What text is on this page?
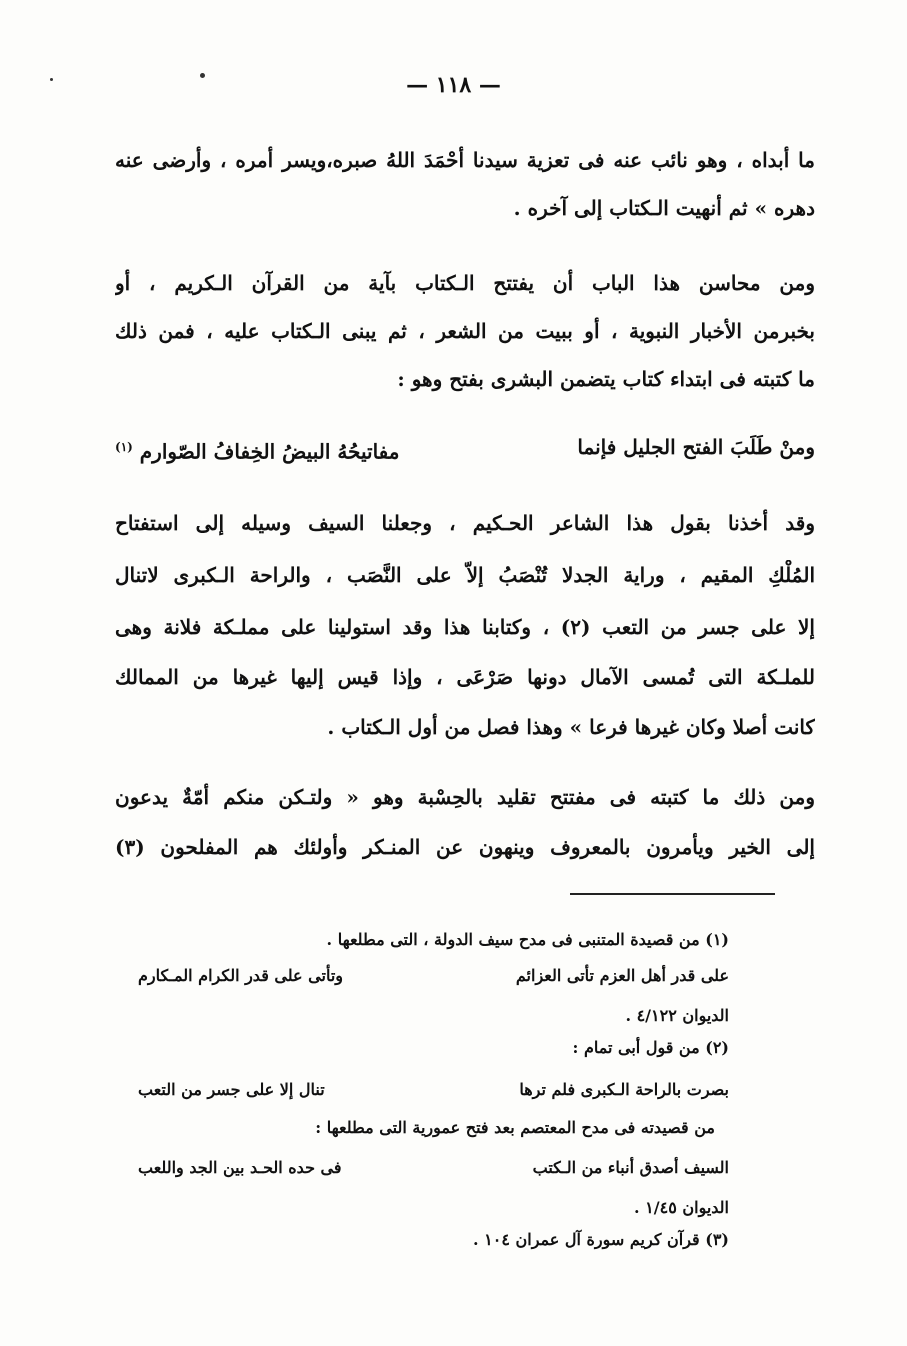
— ١١٨ —
ما أبداه ، وهو نائب عنه فى تعزية سيدنا أحْمَدَ اللهُ صبره،ويسر أمره ، وأرضى عنه
دهره » ثم أنهيت الـكتاب إلى آخره .
ومن محاسن هذا الباب أن يفتتح الـكتاب بآية من القرآن الـكريم ، أو
بخبرمن الأخبار النبوية ، أو ببيت من الشعر ، ثم يبنى الـكتاب عليه ، فمن ذلك
ما كتبته فى ابتداء كتاب يتضمن البشرى بفتح وهو :
ومنْ طَلَبَ الفتح الجليل فإنما
مفاتيحُهُ البيضُ الخِفافُ الصّوارم $^{(١)}$
وقد أخذنا بقول هذا الشاعر الحـكيم ، وجعلنا السيف وسيله إلى استفتاح
المُلْكِ المقيم ، وراية الجدلا تُنْصَبُ إلاّ على النَّصَب ، والراحة الـكبرى لاتنال
إلا على جسر من التعب (٢) ، وكتابنا هذا وقد استولينا على مملـكة فلانة وهى
للملـكة التى تُمسى الآمال دونها صَرْعَى ، وإذا قيس إليها غيرها من الممالك
كانت أصلا وكان غيرها فرعا » وهذا فصل من أول الـكتاب .
ومن ذلك ما كتبته فى مفتتح تقليد بالحِسْبة وهو « ولتـكن منكم أمّةٌ يدعون
إلى الخير ويأمرون بالمعروف وينهون عن المنـكر وأولئك هم المفلحون (٣)
(١) من قصيدة المتنبى فى مدح سيف الدولة ، التى مطلعها .
على قدر أهل العزم تأتى العزائم
وتأتى على قدر الكرام المـكارم
الديوان ٤/١٢٢ .
(٢) من قول أبى تمام :
بصرت بالراحة الـكبرى فلم ترها
تنال إلا على جسر من التعب
من قصيدته فى مدح المعتصم بعد فتح عمورية التى مطلعها :
السيف أصدق أنباء من الـكتب
فى حده الحـد بين الجد واللعب
الديوان ١/٤٥ .
(٣) قرآن كريم سورة آل عمران ١٠٤ .
